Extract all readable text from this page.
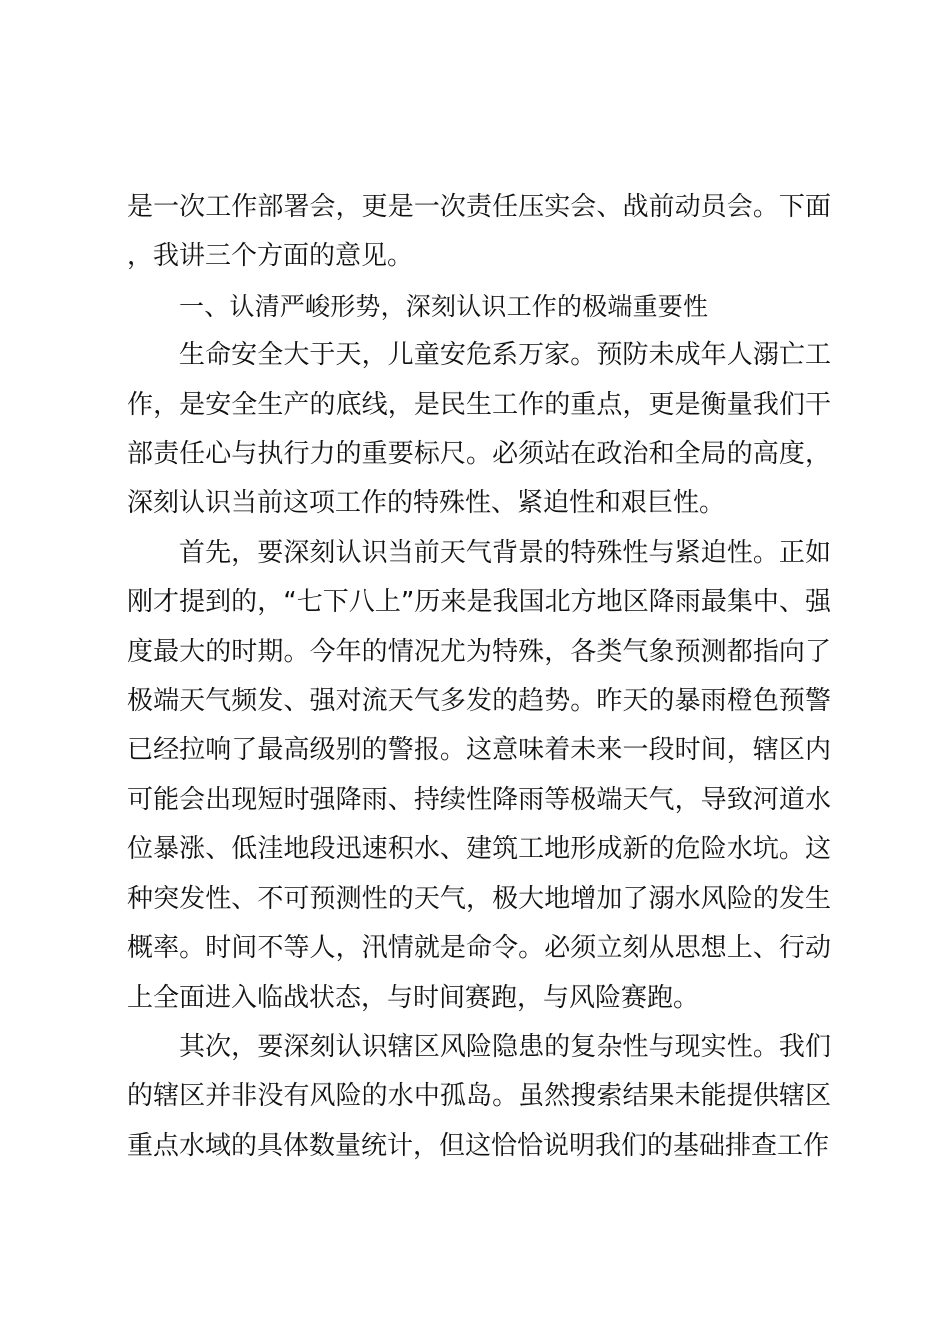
是一次工作部署会，更是一次责任压实会、战前动员会。下面，我讲三个方面的意见。

一、认清严峻形势，深刻认识工作的极端重要性

生命安全大于天，儿童安危系万家。预防未成年人溺亡工作，是安全生产的底线，是民生工作的重点，更是衡量我们干部责任心与执行力的重要标尺。必须站在政治和全局的高度，深刻认识当前这项工作的特殊性、紧迫性和艰巨性。

首先，要深刻认识当前天气背景的特殊性与紧迫性。正如刚才提到的，“七下八上”历来是我国北方地区降雨最集中、强度最大的时期。今年的情况尤为特殊，各类气象预测都指向了极端天气频发、强对流天气多发的趋势。昨天的暴雨橙色预警已经拉响了最高级别的警报。这意味着未来一段时间，辖区内可能会出现短时强降雨、持续性降雨等极端天气，导致河道水位暴涨、低洼地段迅速积水、建筑工地形成新的危险水坑。这种突发性、不可预测性的天气，极大地增加了溺水风险的发生概率。时间不等人，汛情就是命令。必须立刻从思想上、行动上全面进入临战状态，与时间赛跑，与风险赛跑。

其次，要深刻认识辖区风险隐患的复杂性与现实性。我们的辖区并非没有风险的水中孤岛。虽然搜索结果未能提供辖区重点水域的具体数量统计，但这恰恰说明我们的基础排查工作
